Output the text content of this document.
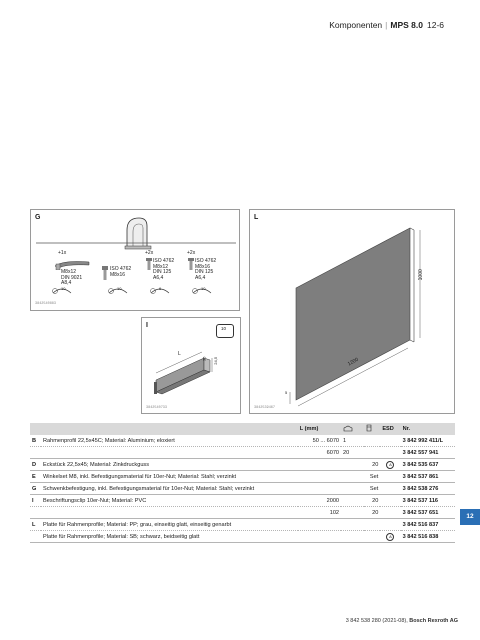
Komponenten | MPS 8.0 12-6
G
+1x	+2x	+2x
M8x12
DIN 9021
A8,4
10
ISO 4762
M8x16
10
ISO 4762
M8x12
DIN 125
A6,4
6
ISO 4762
M8x16
DIN 125
A6,4
10
3842540883
L
1000
1200
5
3842539467
I	10
L
35 24,5
3842540733
		L (mm)			ESD	Nr.
B	Rahmenprofil 22,5x45C; Material: Aluminium; eloxiert	50 ... 6070	1			3 842 992 411/L
		6070	20			3 842 557 941
D	Eckstück 22,5x45; Material: Zinkdruckguss			20	A	3 842 535 637
E	Winkelset M8, inkl. Befestigungsmaterial für 10er-Nut; Material: Stahl; verzinkt			Set		3 842 537 861
G	Schwenkbefestigung, inkl. Befestigungsmaterial für 10er-Nut; Material: Stahl; verzinkt			Set		3 842 538 276
I	Beschriftungsclip 10er-Nut; Material: PVC	2000		20		3 842 537 116
		102		20		3 842 537 651
L	Platte für Rahmenprofile; Material: PP; grau, einseitig glatt, einseitig genarbt					3 842 516 837
	Platte für Rahmenprofile; Material: SB; schwarz, beidseitig glatt				A	3 842 516 838
12
3 842 538 280 (2021-08), Bosch Rexroth AG
